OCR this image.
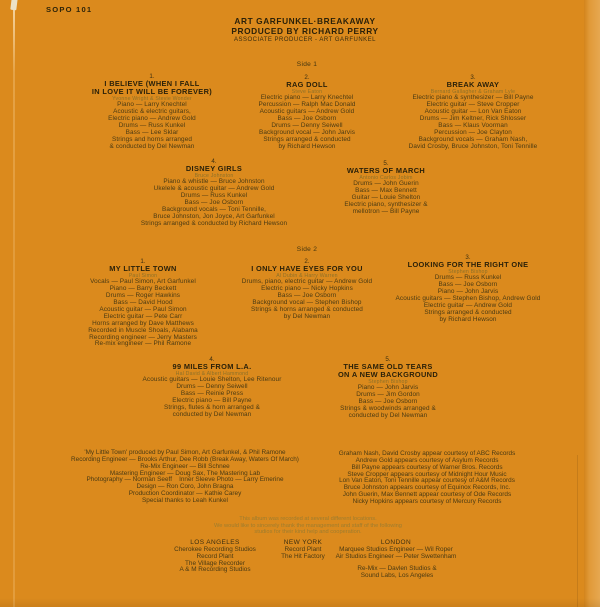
SOPO 101
ART GARFUNKEL·BREAKAWAY
PRODUCED BY RICHARD PERRY
ASSOCIATE PRODUCER - ART GARFUNKEL
Side 1
Side 2
1.
I BELIEVE (WHEN I FALL
IN LOVE IT WILL BE FOREVER)
Yvonne Wright & Stevie Wonder
Piano — Larry Knechtel
Acoustic & electric guitars,
Electric piano — Andrew Gold
Drums — Russ Kunkel
Bass — Lee Sklar
Strings and horns arranged
& conducted by Del Newman
2.
RAG DOLL
Steve Eaton
Electric piano — Larry Knechtel
Percussion — Ralph Mac Donald
Acoustic guitars — Andrew Gold
Bass — Joe Osborn
Drums — Denny Seiwell
Background vocal — John Jarvis
Strings arranged & conducted
by Richard Hewson
3.
BREAK AWAY
Bernard Gallagher & Graham Lyle
Electric piano & synthesizer — Bill Payne
Electric guitar — Steve Cropper
Acoustic guitar — Lon Van Eaton
Drums — Jim Keltner, Rick Shlosser
Bass — Klaus Voorman
Percussion — Joe Clayton
Background vocals — Graham Nash,
David Crosby, Bruce Johnston, Toni Tennille
4.
DISNEY GIRLS
Bruce Johnston
Piano & whistle — Bruce Johnston
Ukelele & acoustic guitar — Andrew Gold
Drums — Russ Kunkel
Bass — Joe Osborn
Background vocals — Toni Tennille,
Bruce Johnston, Jon Joyce, Art Garfunkel
Strings arranged & conducted by Richard Hewson
5.
WATERS OF MARCH
Antonio Carlos Jobim
Drums — John Guerin
Bass — Max Bennett
Guitar — Louie Shelton
Electric piano, synthesizer &
mellotron — Bill Payne
1.
MY LITTLE TOWN
Paul Simon
Vocals — Paul Simon, Art Garfunkel
Piano — Barry Beckett
Drums — Roger Hawkins
Bass — David Hood
Acoustic guitar — Paul Simon
Electric guitar — Pete Carr
Horns arranged by Dave Matthews
Recorded in Muscle Shoals, Alabama
Recording engineer — Jerry Masters
Re-mix engineer — Phil Ramone
2.
I ONLY HAVE EYES FOR YOU
Al Dubin & Harry Warren
Drums, piano, electric guitar — Andrew Gold
Electric piano — Nicky Hopkins
Bass — Joe Osborn
Background vocal — Stephen Bishop
Strings & horns arranged & conducted
by Del Newman
3.
LOOKING FOR THE RIGHT ONE
Stephen Bishop
Drums — Russ Kunkel
Bass — Joe Osborn
Piano — John Jarvis
Acoustic guitars — Stephen Bishop, Andrew Gold
Electric guitar — Andrew Gold
Strings arranged & conducted
by Richard Hewson
4.
99 MILES FROM L.A.
Hal David & Albert Hammond
Acoustic guitars — Louie Shelton, Lee Ritenour
Drums — Denny Seiwell
Bass — Reinie Press
Electric piano — Bill Payne
Strings, flutes & horn arranged &
conducted by Del Newman
5.
THE SAME OLD TEARS
ON A NEW BACKGROUND
Stephen Bishop
Piano — John Jarvis
Drums — Jim Gordon
Bass — Joe Osborn
Strings & woodwinds arranged &
conducted by Del Newman
'My Little Town' produced by Paul Simon, Art Garfunkel, & Phil Ramone
Recording Engineer — Brooks Arthur, Dee Robb (Break Away, Waters Of March)
Re-Mix Engineer — Bill Schnee
Mastering Engineer — Doug Sax, The Mastering Lab
Photography — Norman Seeff    Inner Sleeve Photo — Larry Emerine
Design — Ron Coro, John Bragna
Production Coordinator — Kathie Carey
Special thanks to Leah Kunkel
Graham Nash, David Crosby appear courtesy of ABC Records
Andrew Gold appears courtesy of Asylum Records
Bill Payne appears courtesy of Warner Bros. Records
Steve Cropper appears courtesy of Midnight Hour Music
Lon Van Eaton, Toni Tennille appear courtesy of A&M Records
Bruce Johnston appears courtesy of Equinox Records, Inc.
John Guerin, Max Bennett appear courtesy of Ode Records
Nicky Hopkins appears courtesy of Mercury Records
This album was recorded at several different locations.
We would like to sincerely thank the management and staff of the following
studios for their kind help and cooperation.
LOS ANGELES
Cherokee Recording Studios
Record Plant
The Village Recorder
A & M Recording Studios
NEW YORK
Record Plant
The Hit Factory
LONDON
Marquee Studios Engineer — Wil Roper
Air Studios Engineer — Peter Swettenham
Re-Mix — Davlen Studios &
Sound Labs, Los Angeles
